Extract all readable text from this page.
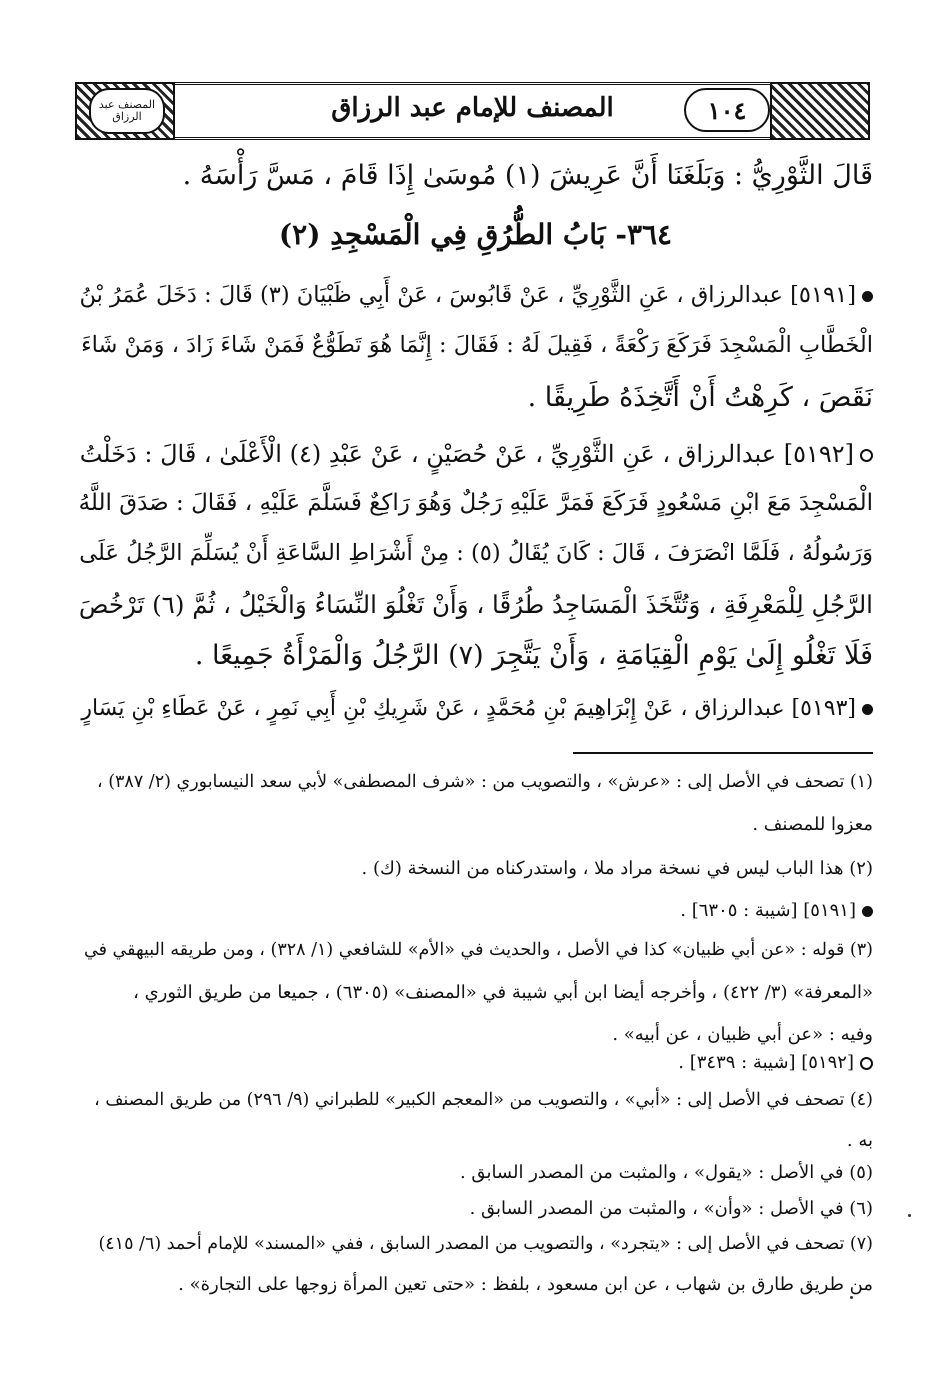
المصنف للإمام عبد الرزاق	١٠٤
المصنف عبد الرزاق
قَالَ الثَّوْرِيُّ : وَبَلَغَنَا أَنَّ عَرِيشَ (١) مُوسَىٰ إِذَا قَامَ ، مَسَّ رَأْسَهُ .
٣٦٤- بَابُ الطُّرُقِ فِي الْمَسْجِدِ (٢)
[٥١٩١] عبدالرزاق ، عَنِ الثَّوْرِيِّ ، عَنْ قَابُوسَ ، عَنْ أَبِي ظَبْيَانَ (٣) قَالَ : دَخَلَ عُمَرُ بْنُ
الْخَطَّابِ الْمَسْجِدَ فَرَكَعَ رَكْعَةً ، فَقِيلَ لَهُ : فَقَالَ : إِنَّمَا هُوَ تَطَوُّعٌ فَمَنْ شَاءَ زَادَ ، وَمَنْ شَاءَ
نَقَصَ ، كَرِهْتُ أَنْ أَتَّخِذَهُ طَرِيقًا .
[٥١٩٢] عبدالرزاق ، عَنِ الثَّوْرِيِّ ، عَنْ حُصَيْنٍ ، عَنْ عَبْدِ (٤) الْأَعْلَىٰ ، قَالَ : دَخَلْتُ
الْمَسْجِدَ مَعَ ابْنِ مَسْعُودٍ فَرَكَعَ فَمَرَّ عَلَيْهِ رَجُلٌ وَهُوَ رَاكِعٌ فَسَلَّمَ عَلَيْهِ ، فَقَالَ : صَدَقَ اللَّهُ
وَرَسُولُهُ ، فَلَمَّا انْصَرَفَ ، قَالَ : كَانَ يُقَالُ (٥) : مِنْ أَشْرَاطِ السَّاعَةِ أَنْ يُسَلِّمَ الرَّجُلُ عَلَى
الرَّجُلِ لِلْمَعْرِفَةِ ، وَتُتَّخَذَ الْمَسَاجِدُ طُرُقًا ، وَأَنْ تَغْلُوَ النِّسَاءُ وَالْخَيْلُ ، ثُمَّ (٦) تَرْخُصَ
فَلَا تَغْلُو إِلَىٰ يَوْمِ الْقِيَامَةِ ، وَأَنْ يَتَّجِرَ (٧) الرَّجُلُ وَالْمَرْأَةُ جَمِيعًا .
[٥١٩٣] عبدالرزاق ، عَنْ إِبْرَاهِيمَ بْنِ مُحَمَّدٍ ، عَنْ شَرِيكِ بْنِ أَبِي نَمِرٍ ، عَنْ عَطَاءِ بْنِ يَسَارٍ
(١) تصحف في الأصل إلى : «عرش» ، والتصويب من : «شرف المصطفى» لأبي سعد النيسابوري (٢/ ٣٨٧) ،
معزوا للمصنف .
(٢) هذا الباب ليس في نسخة مراد ملا ، واستدركناه من النسخة (ك) .
[٥١٩١] [شيبة : ٦٣٠٥] .
(٣) قوله : «عن أبي ظبيان» كذا في الأصل ، والحديث في «الأم» للشافعي (١/ ٣٢٨) ، ومن طريقه البيهقي في
«المعرفة» (٣/ ٤٢٢) ، وأخرجه أيضا ابن أبي شيبة في «المصنف» (٦٣٠٥) ، جميعا من طريق الثوري ،
وفيه : «عن أبي ظبيان ، عن أبيه» .
[٥١٩٢] [شيبة : ٣٤٣٩] .
(٤) تصحف في الأصل إلى : «أبي» ، والتصويب من «المعجم الكبير» للطبراني (٩/ ٢٩٦) من طريق المصنف ،
به .
(٥) في الأصل : «يقول» ، والمثبت من المصدر السابق .
(٦) في الأصل : «وأن» ، والمثبت من المصدر السابق .
(٧) تصحف في الأصل إلى : «يتجرد» ، والتصويب من المصدر السابق ، ففي «المسند» للإمام أحمد (٦/ ٤١٥)
من طريق طارق بن شهاب ، عن ابن مسعود ، بلفظ : «حتى تعين المرأة زوجها على التجارة» .
